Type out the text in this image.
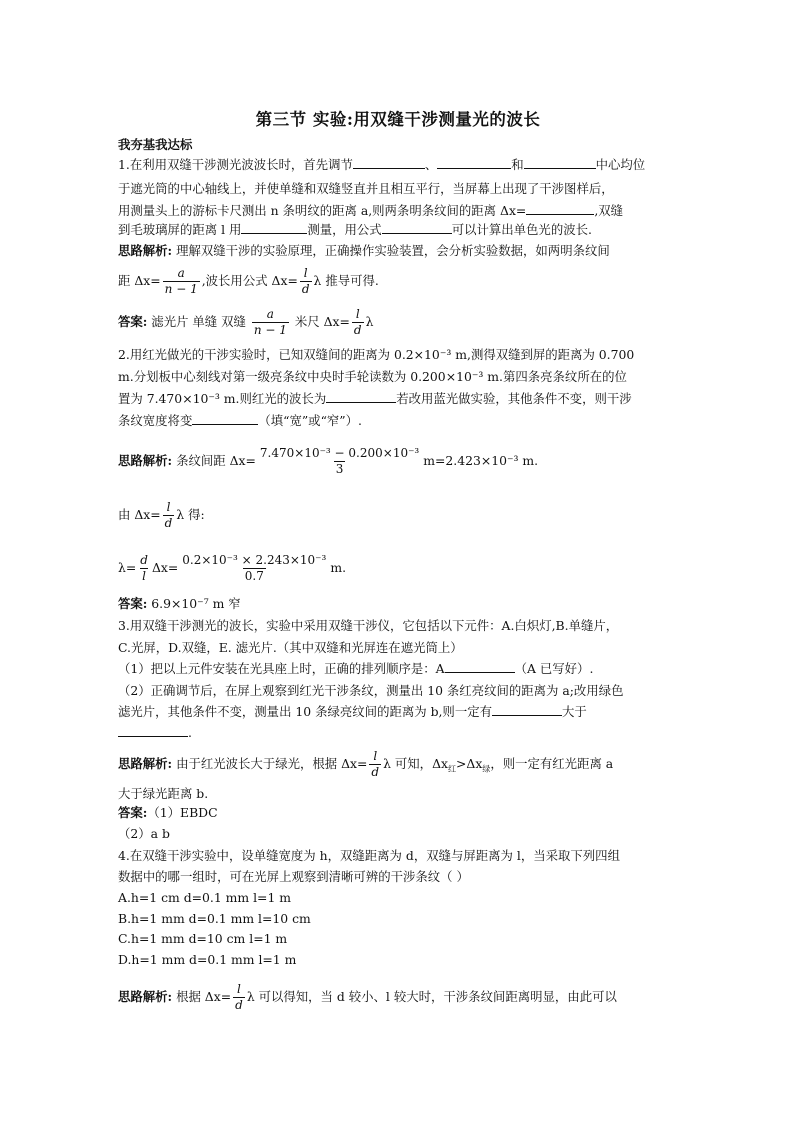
第三节 实验:用双缝干涉测量光的波长
我夯基我达标
1.在利用双缝干涉测光波波长时，首先调节	、	和	中心均位
于遮光筒的中心轴线上，并使单缝和双缝竖直并且相互平行，当屏幕上出现了干涉图样后，
用测量头上的游标卡尺测出 n 条明纹的距离 a,则两条明条纹间的距离 Δx=	,双缝
到毛玻璃屏的距离 l 用	测量，用公式	可以计算出单色光的波长.
思路解析: 理解双缝干涉的实验原理，正确操作实验装置，会分析实验数据，如两明条纹间
距 $\Delta x= \frac{a}{n - 1}$ ,波长用公式 $\Delta x= \frac{l}{d}$ λ 推导可得.
答案: 滤光片 单缝 双缝 $\frac{a}{n - 1}$ 米尺 $\Delta x= \frac{l}{d}$ λ
2.用红光做光的干涉实验时，已知双缝间的距离为 0.2×10⁻³ m,测得双缝到屏的距离为 0.700
m.分划板中心刻线对第一级亮条纹中央时手轮读数为 0.200×10⁻³ m.第四条亮条纹所在的位
置为 7.470×10⁻³ m.则红光的波长为	若改用蓝光做实验，其他条件不变，则干涉
条纹宽度将变	（填“宽”或“窄”）.
思路解析: 条纹间距 $\Delta x= \frac{\text{7.470×10⁻³ − 0.200×10⁻³}}{3} m=2.423\times 10^{-3}$ m.
由 $\Delta x= \frac{l}{d}$ λ 得:
$\lambda= \frac{d}{l} \Delta x= \frac{\text{0.2×10⁻³ × 2.243×10⁻³}}{0.7} m$.
答案: 6.9×10⁻⁷ m 窄
3.用双缝干涉测光的波长，实验中采用双缝干涉仪，它包括以下元件：A.白炽灯,B.单缝片，
C.光屏，D.双缝，E. 滤光片.（其中双缝和光屏连在遮光筒上）
（1）把以上元件安装在光具座上时，正确的排列顺序是：A	（A 已写好）.
（2）正确调节后，在屏上观察到红光干涉条纹，测量出 10 条红亮纹间的距离为 a;改用绿色
滤光片，其他条件不变，测量出 10 条绿亮纹间的距离为 b,则一定有	大于
.
思路解析: 由于红光波长大于绿光，根据 $\Delta x= \frac{l}{d}$ λ 可知，$\Delta x_红>\Delta x_绿$，则一定有红光距离 a
大于绿光距离 b.
答案:（1）EBDC
（2）a b
4.在双缝干涉实验中，设单缝宽度为 h，双缝距离为 d，双缝与屏距离为 l，当采取下列四组
数据中的哪一组时，可在光屏上观察到清晰可辨的干涉条纹（ ）
A.h=1 cm d=0.1 mm l=1 m
B.h=1 mm d=0.1 mm l=10 cm
C.h=1 mm d=10 cm l=1 m
D.h=1 mm d=0.1 mm l=1 m
思路解析: 根据 $\Delta x= \frac{l}{d}$ λ 可以得知，当 d 较小、l 较大时，干涉条纹间距离明显，由此可以
